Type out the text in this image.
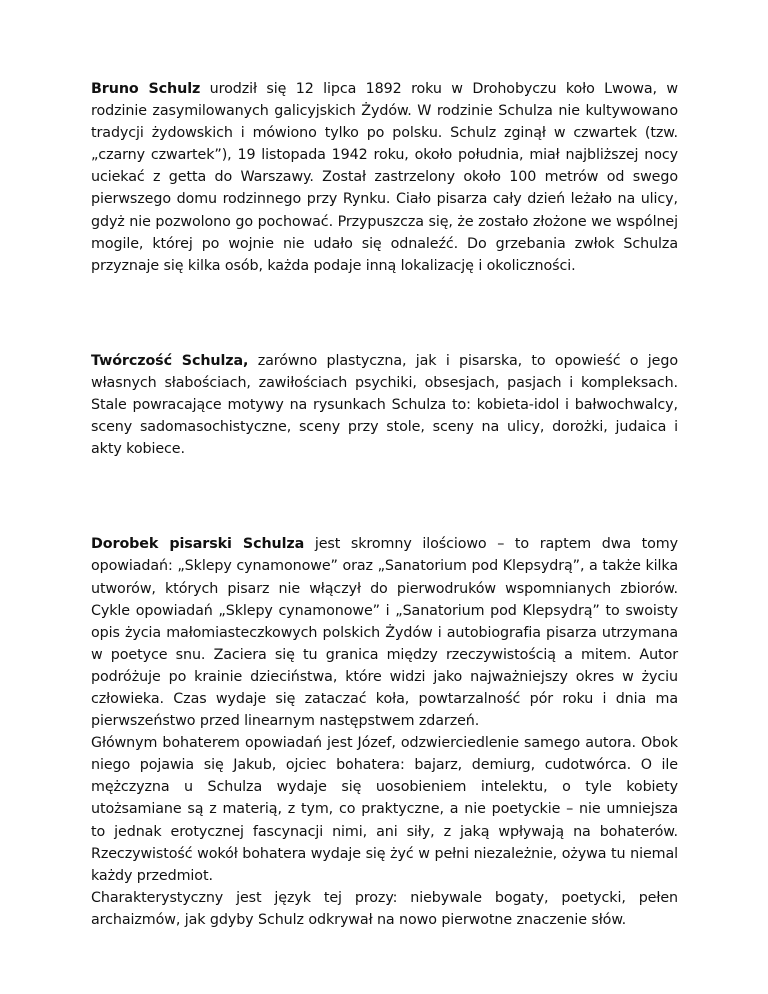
Bruno Schulz urodził się 12 lipca 1892 roku w Drohobyczu koło Lwowa, w rodzinie zasymilowanych galicyjskich Żydów. W rodzinie Schulza nie kultywowano tradycji żydowskich i mówiono tylko po polsku. Schulz zginął w czwartek (tzw. „czarny czwartek”), 19 listopada 1942 roku, około południa, miał najbliższej nocy uciekać z getta do Warszawy. Został zastrzelony około 100 metrów od swego pierwszego domu rodzinnego przy Rynku. Ciało pisarza cały dzień leżało na ulicy, gdyż nie pozwolono go pochować. Przypuszcza się, że zostało złożone we wspólnej mogile, której po wojnie nie udało się odnaleźć. Do grzebania zwłok Schulza przyznaje się kilka osób, każda podaje inną lokalizację i okoliczności.

Twórczość Schulza, zarówno plastyczna, jak i pisarska, to opowieść o jego własnych słabościach, zawiłościach psychiki, obsesjach, pasjach i kompleksach. Stale powracające motywy na rysunkach Schulza to: kobieta-idol i bałwochwalcy, sceny sadomasochistyczne, sceny przy stole, sceny na ulicy, dorożki, judaica i akty kobiece.

Dorobek pisarski Schulza jest skromny ilościowo – to raptem dwa tomy opowiadań: „Sklepy cynamonowe” oraz „Sanatorium pod Klepsydrą”, a także kilka utworów, których pisarz nie włączył do pierwodruków wspomnianych zbiorów. Cykle opowiadań „Sklepy cynamonowe” i „Sanatorium pod Klepsydrą” to swoisty opis życia małomiasteczkowych polskich Żydów i autobiografia pisarza utrzymana w poetyce snu. Zaciera się tu granica między rzeczywistością a mitem. Autor podróżuje po krainie dzieciństwa, które widzi jako najważniejszy okres w życiu człowieka. Czas wydaje się zataczać koła, powtarzalność pór roku i dnia ma pierwszeństwo przed linearnym następstwem zdarzeń.

Głównym bohaterem opowiadań jest Józef, odzwierciedlenie samego autora. Obok niego pojawia się Jakub, ojciec bohatera: bajarz, demiurg, cudotwórca. O ile mężczyzna u Schulza wydaje się uosobieniem intelektu, o tyle kobiety utożsamiane są z materią, z tym, co praktyczne, a nie poetyckie – nie umniejsza to jednak erotycznej fascynacji nimi, ani siły, z jaką wpływają na bohaterów. Rzeczywistość wokół bohatera wydaje się żyć w pełni niezależnie, ożywa tu niemal każdy przedmiot.

Charakterystyczny jest język tej prozy: niebywale bogaty, poetycki, pełen archaizmów, jak gdyby Schulz odkrywał na nowo pierwotne znaczenie słów.
